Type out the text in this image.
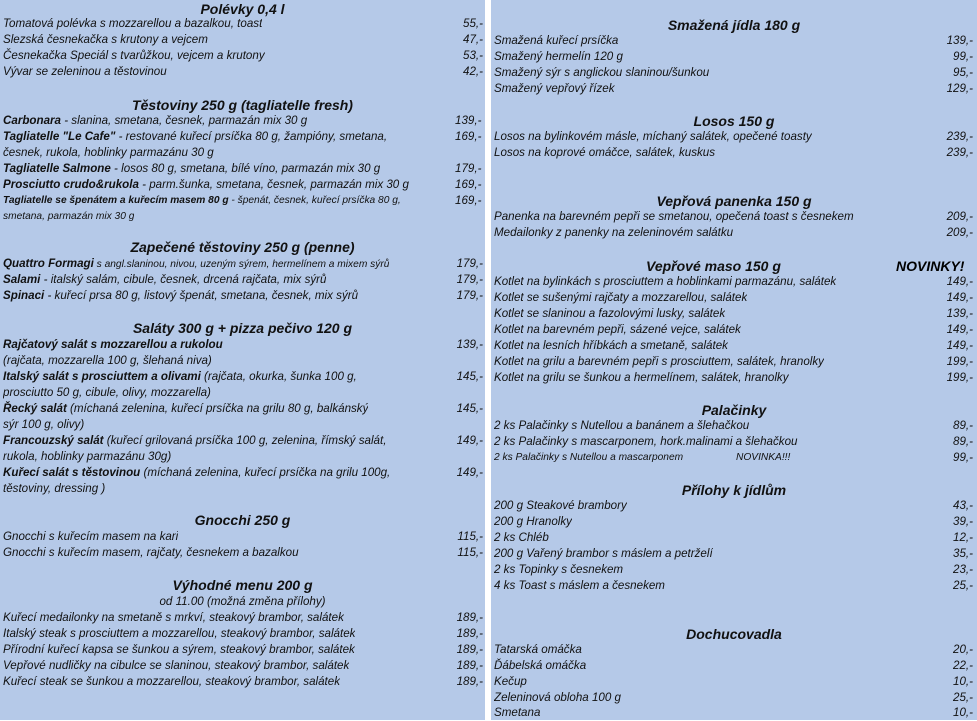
Polévky 0,4 l
Tomatová polévka s mozzarellou a bazalkou, toast	55,-
Slezská česnekačka s krutony a vejcem	47,-
Česnekačka Speciál s tvarůžkou, vejcem a krutony	53,-
Vývar se zeleninou a těstovinou	42,-
Těstoviny 250 g (tagliatelle fresh)
Carbonara - slanina, smetana, česnek, parmazán mix 30 g	139,-
Tagliatelle "Le Cafe" - restované kuřecí prsíčka 80 g, žampióny, smetana,	169,-
česnek, rukola, hoblinky parmazánu 30 g
Tagliatelle Salmone - losos 80 g, smetana, bílé víno, parmazán mix 30 g	179,-
Prosciutto crudo&rukola - parm.šunka, smetana, česnek, parmazán mix 30 g	169,-
Tagliatelle se špenátem a kuřecím masem 80 g - špenát, česnek, kuřecí prsíčka 80 g,	169,-
smetana, parmazán mix 30 g
Zapečené těstoviny 250 g (penne)
Quattro Formagi s angl.slaninou, nivou, uzeným sýrem, hermelínem a mixem sýrů	179,-
Salami - italský salám, cibule, česnek, drcená rajčata, mix sýrů	179,-
Spinaci - kuřecí prsa 80 g, listový špenát, smetana, česnek, mix sýrů	179,-
Saláty 300 g + pizza pečivo 120 g
Rajčatový salát s mozzarellou a rukolou	139,-
(rajčata, mozzarella 100 g, šlehaná niva)
Italský salát s prosciuttem a olivami (rajčata, okurka, šunka 100 g,	145,-
prosciutto 50 g, cibule, olivy, mozzarella)
Řecký salát (míchaná zelenina, kuřecí prsíčka na grilu 80 g, balkánský	145,-
sýr 100 g, olivy)
Francouzský salát (kuřecí grilovaná prsíčka 100 g, zelenina, římský salát,	149,-
rukola, hoblinky parmazánu 30g)
Kuřecí salát s těstovinou (míchaná zelenina, kuřecí prsíčka na grilu 100g,	149,-
těstoviny, dressing )
Gnocchi 250 g
Gnocchi s kuřecím masem na kari	115,-
Gnocchi s kuřecím masem, rajčaty, česnekem a bazalkou	115,-
Výhodné menu 200 g
od 11.00 (možná změna přílohy)
Kuřecí medailonky na smetaně s mrkví, steakový brambor, salátek	189,-
Italský steak s prosciuttem a mozzarellou, steakový brambor, salátek	189,-
Přírodní kuřecí kapsa se šunkou a sýrem, steakový brambor, salátek	189,-
Vepřové nudličky na cibulce se slaninou, steakový brambor, salátek	189,-
Kuřecí steak se šunkou a mozzarellou, steakový brambor, salátek	189,-
Smažená jídla 180 g
Smažená kuřecí prsíčka	139,-
Smažený hermelín 120 g	99,-
Smažený sýr s anglickou slaninou/šunkou	95,-
Smažený vepřový řízek	129,-
Losos 150 g
Losos na bylinkovém másle, míchaný salátek, opečené toasty	239,-
Losos na koprové omáčce, salátek, kuskus	239,-
Vepřová panenka 150 g
Panenka na barevném pepři se smetanou, opečená toast s česnekem	209,-
Medailonky z panenky na zeleninovém salátku	209,-
Vepřové maso 150 g	NOVINKY!
Kotlet na bylinkách s prosciuttem a hoblinkami parmazánu, salátek	149,-
Kotlet se sušenými rajčaty a mozzarellou, salátek	149,-
Kotlet se slaninou a fazolovými lusky, salátek	139,-
Kotlet na barevném pepři, sázené vejce, salátek	149,-
Kotlet na lesních hříbkách a smetaně, salátek	149,-
Kotlet na grilu a barevném pepři s prosciuttem, salátek, hranolky	199,-
Kotlet na grilu se šunkou a hermelínem, salátek, hranolky	199,-
Palačinky
2 ks Palačinky s Nutellou a banánem a šlehačkou	89,-
2 ks Palačinky s mascarponem, hork.malinami a šlehačkou	89,-
2 ks Palačinky s Nutellou a mascarponem	NOVINKA!!!	99,-
Přílohy k jídlům
200 g Steakové brambory	43,-
200 g Hranolky	39,-
2 ks Chléb	12,-
200 g Vařený brambor s máslem a petrželí	35,-
2 ks Topinky s česnekem	23,-
4 ks Toast s máslem a česnekem	25,-
Dochucovadla
Tatarská omáčka	20,-
Ďábelská omáčka	22,-
Kečup	10,-
Zeleninová obloha 100 g	25,-
Smetana	10,-
